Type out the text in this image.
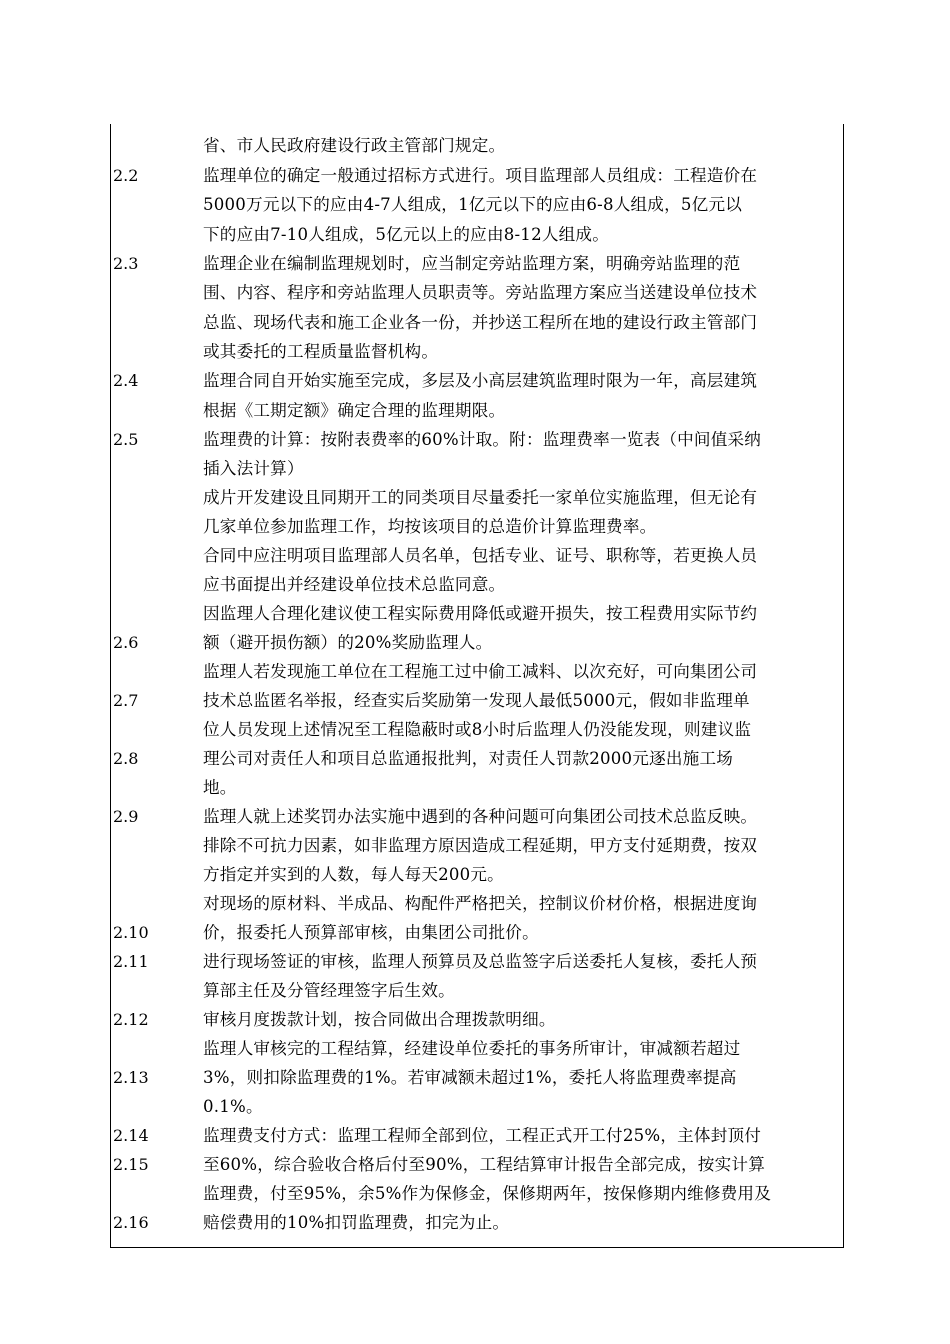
省、市人民政府建设行政主管部门规定。
监理单位的确定一般通过招标方式进行。项目监理部人员组成：工程造价在
5000万元以下的应由4-7人组成，1亿元以下的应由6-8人组成，5亿元以
下的应由7-10人组成，5亿元以上的应由8-12人组成。
监理企业在编制监理规划时，应当制定旁站监理方案，明确旁站监理的范
围、内容、程序和旁站监理人员职责等。旁站监理方案应当送建设单位技术
总监、现场代表和施工企业各一份，并抄送工程所在地的建设行政主管部门
或其委托的工程质量监督机构。
监理合同自开始实施至完成，多层及小高层建筑监理时限为一年，高层建筑
根据《工期定额》确定合理的监理期限。
监理费的计算：按附表费率的60%计取。附：监理费率一览表（中间值采纳
插入法计算）
成片开发建设且同期开工的同类项目尽量委托一家单位实施监理，但无论有
几家单位参加监理工作，均按该项目的总造价计算监理费率。
合同中应注明项目监理部人员名单，包括专业、证号、职称等，若更换人员
应书面提出并经建设单位技术总监同意。
因监理人合理化建议使工程实际费用降低或避开损失，按工程费用实际节约
额（避开损伤额）的20%奖励监理人。
监理人若发现施工单位在工程施工过中偷工减料、以次充好，可向集团公司
技术总监匿名举报，经查实后奖励第一发现人最低5000元，假如非监理单
位人员发现上述情况至工程隐蔽时或8小时后监理人仍没能发现，则建议监
理公司对责任人和项目总监通报批判，对责任人罚款2000元逐出施工场
地。
监理人就上述奖罚办法实施中遇到的各种问题可向集团公司技术总监反映。
排除不可抗力因素，如非监理方原因造成工程延期，甲方支付延期费，按双
方指定并实到的人数，每人每天200元。
对现场的原材料、半成品、构配件严格把关，控制议价材价格，根据进度询
价，报委托人预算部审核，由集团公司批价。
进行现场签证的审核，监理人预算员及总监签字后送委托人复核，委托人预
算部主任及分管经理签字后生效。
审核月度拨款计划，按合同做出合理拨款明细。
监理人审核完的工程结算，经建设单位委托的事务所审计，审减额若超过
3%，则扣除监理费的1%。若审减额未超过1%，委托人将监理费率提高
0.1%。
监理费支付方式：监理工程师全部到位，工程正式开工付25%，主体封顶付
至60%，综合验收合格后付至90%，工程结算审计报告全部完成，按实计算
监理费，付至95%，余5%作为保修金，保修期两年，按保修期内维修费用及
赔偿费用的10%扣罚监理费，扣完为止。
2.2
2.3
2.4
2.5
2.6
2.7
2.8
2.9
2.10
2.11
2.12
2.13
2.14
2.15
2.16
